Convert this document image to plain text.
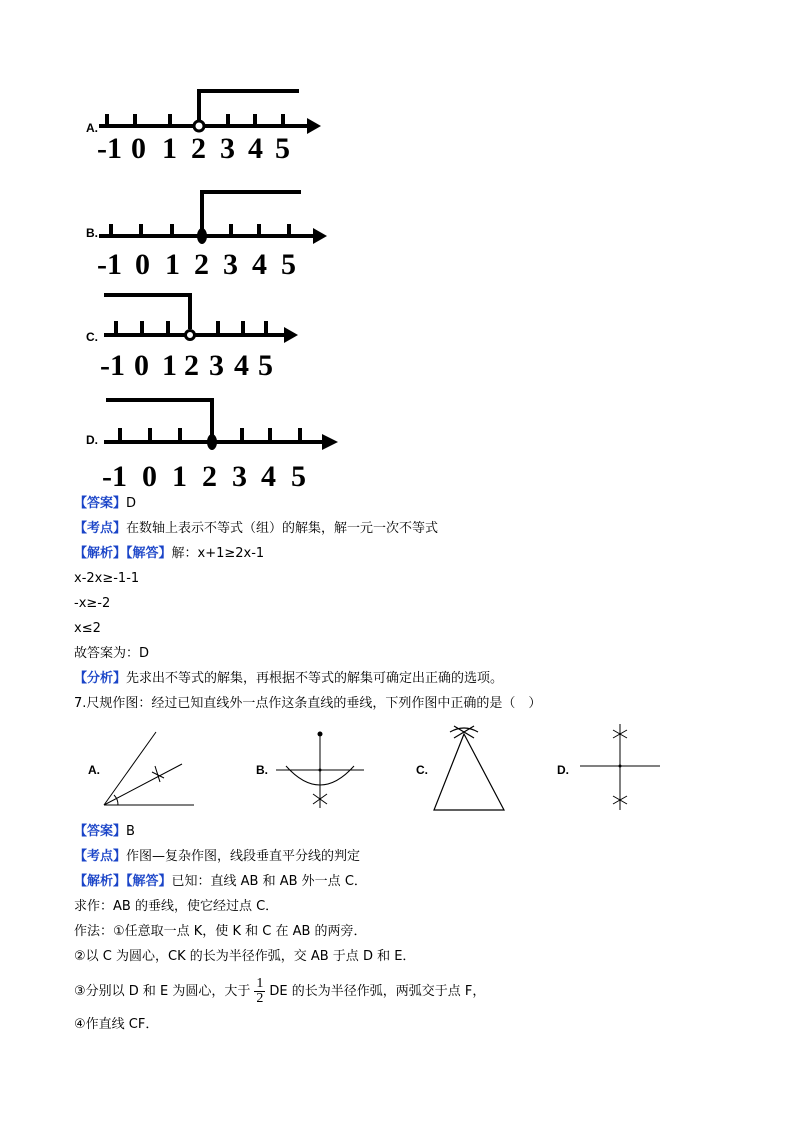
A.
-1 0 1 2 3 4 5
B.
-1 0 1 2 3 4 5
C.
-1 0 1 2 3 4 5
D.
-1 0 1 2 3 4 5
【答案】D
【考点】在数轴上表示不等式（组）的解集，解一元一次不等式
【解析】【解答】解：x+1≥2x-1
x-2x≥-1-1
-x≥-2
x≤2
故答案为：D
【分析】先求出不等式的解集，再根据不等式的解集可确定出正确的选项。
7.尺规作图：经过已知直线外一点作这条直线的垂线，下列作图中正确的是（　）
A.	B.	C.	D.
【答案】B
【考点】作图—复杂作图，线段垂直平分线的判定
【解析】【解答】已知：直线 AB 和 AB 外一点 C．
求作：AB 的垂线，使它经过点 C．
作法：①任意取一点 K，使 K 和 C 在 AB 的两旁．
②以 C 为圆心，CK 的长为半径作弧，交 AB 于点 D 和 E．
③分别以 D 和 E 为圆心，大于 $\frac{1}{2}$ DE 的长为半径作弧，两弧交于点 F，
④作直线 CF．
